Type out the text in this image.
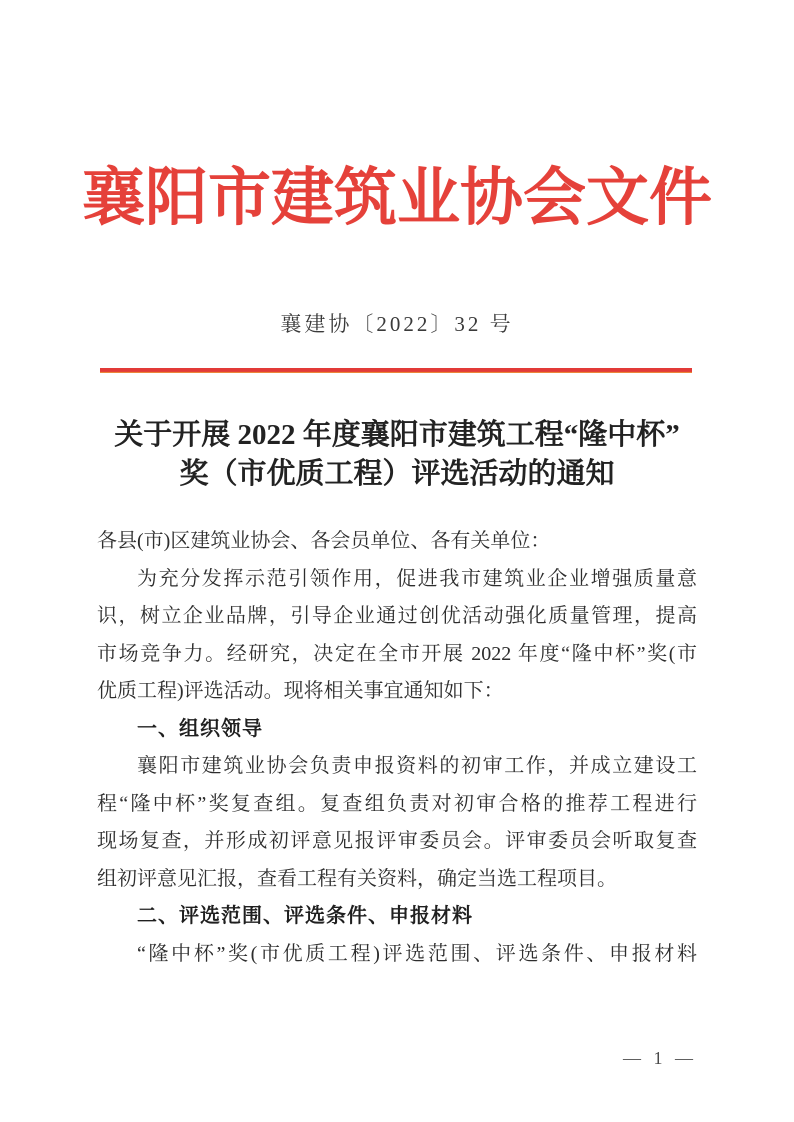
襄阳市建筑业协会文件
襄建协〔2022〕32 号
关于开展 2022 年度襄阳市建筑工程“隆中杯”
奖（市优质工程）评选活动的通知
各县(市)区建筑业协会、各会员单位、各有关单位：
为充分发挥示范引领作用，促进我市建筑业企业增强质量意
识，树立企业品牌，引导企业通过创优活动强化质量管理，提高
市场竞争力。经研究，决定在全市开展 2022 年度“隆中杯”奖(市
优质工程)评选活动。现将相关事宜通知如下：
一、组织领导
襄阳市建筑业协会负责申报资料的初审工作，并成立建设工
程“隆中杯”奖复查组。复查组负责对初审合格的推荐工程进行
现场复查，并形成初评意见报评审委员会。评审委员会听取复查
组初评意见汇报，查看工程有关资料，确定当选工程项目。
二、评选范围、评选条件、申报材料
“隆中杯”奖(市优质工程)评选范围、评选条件、申报材料
— 1 —
